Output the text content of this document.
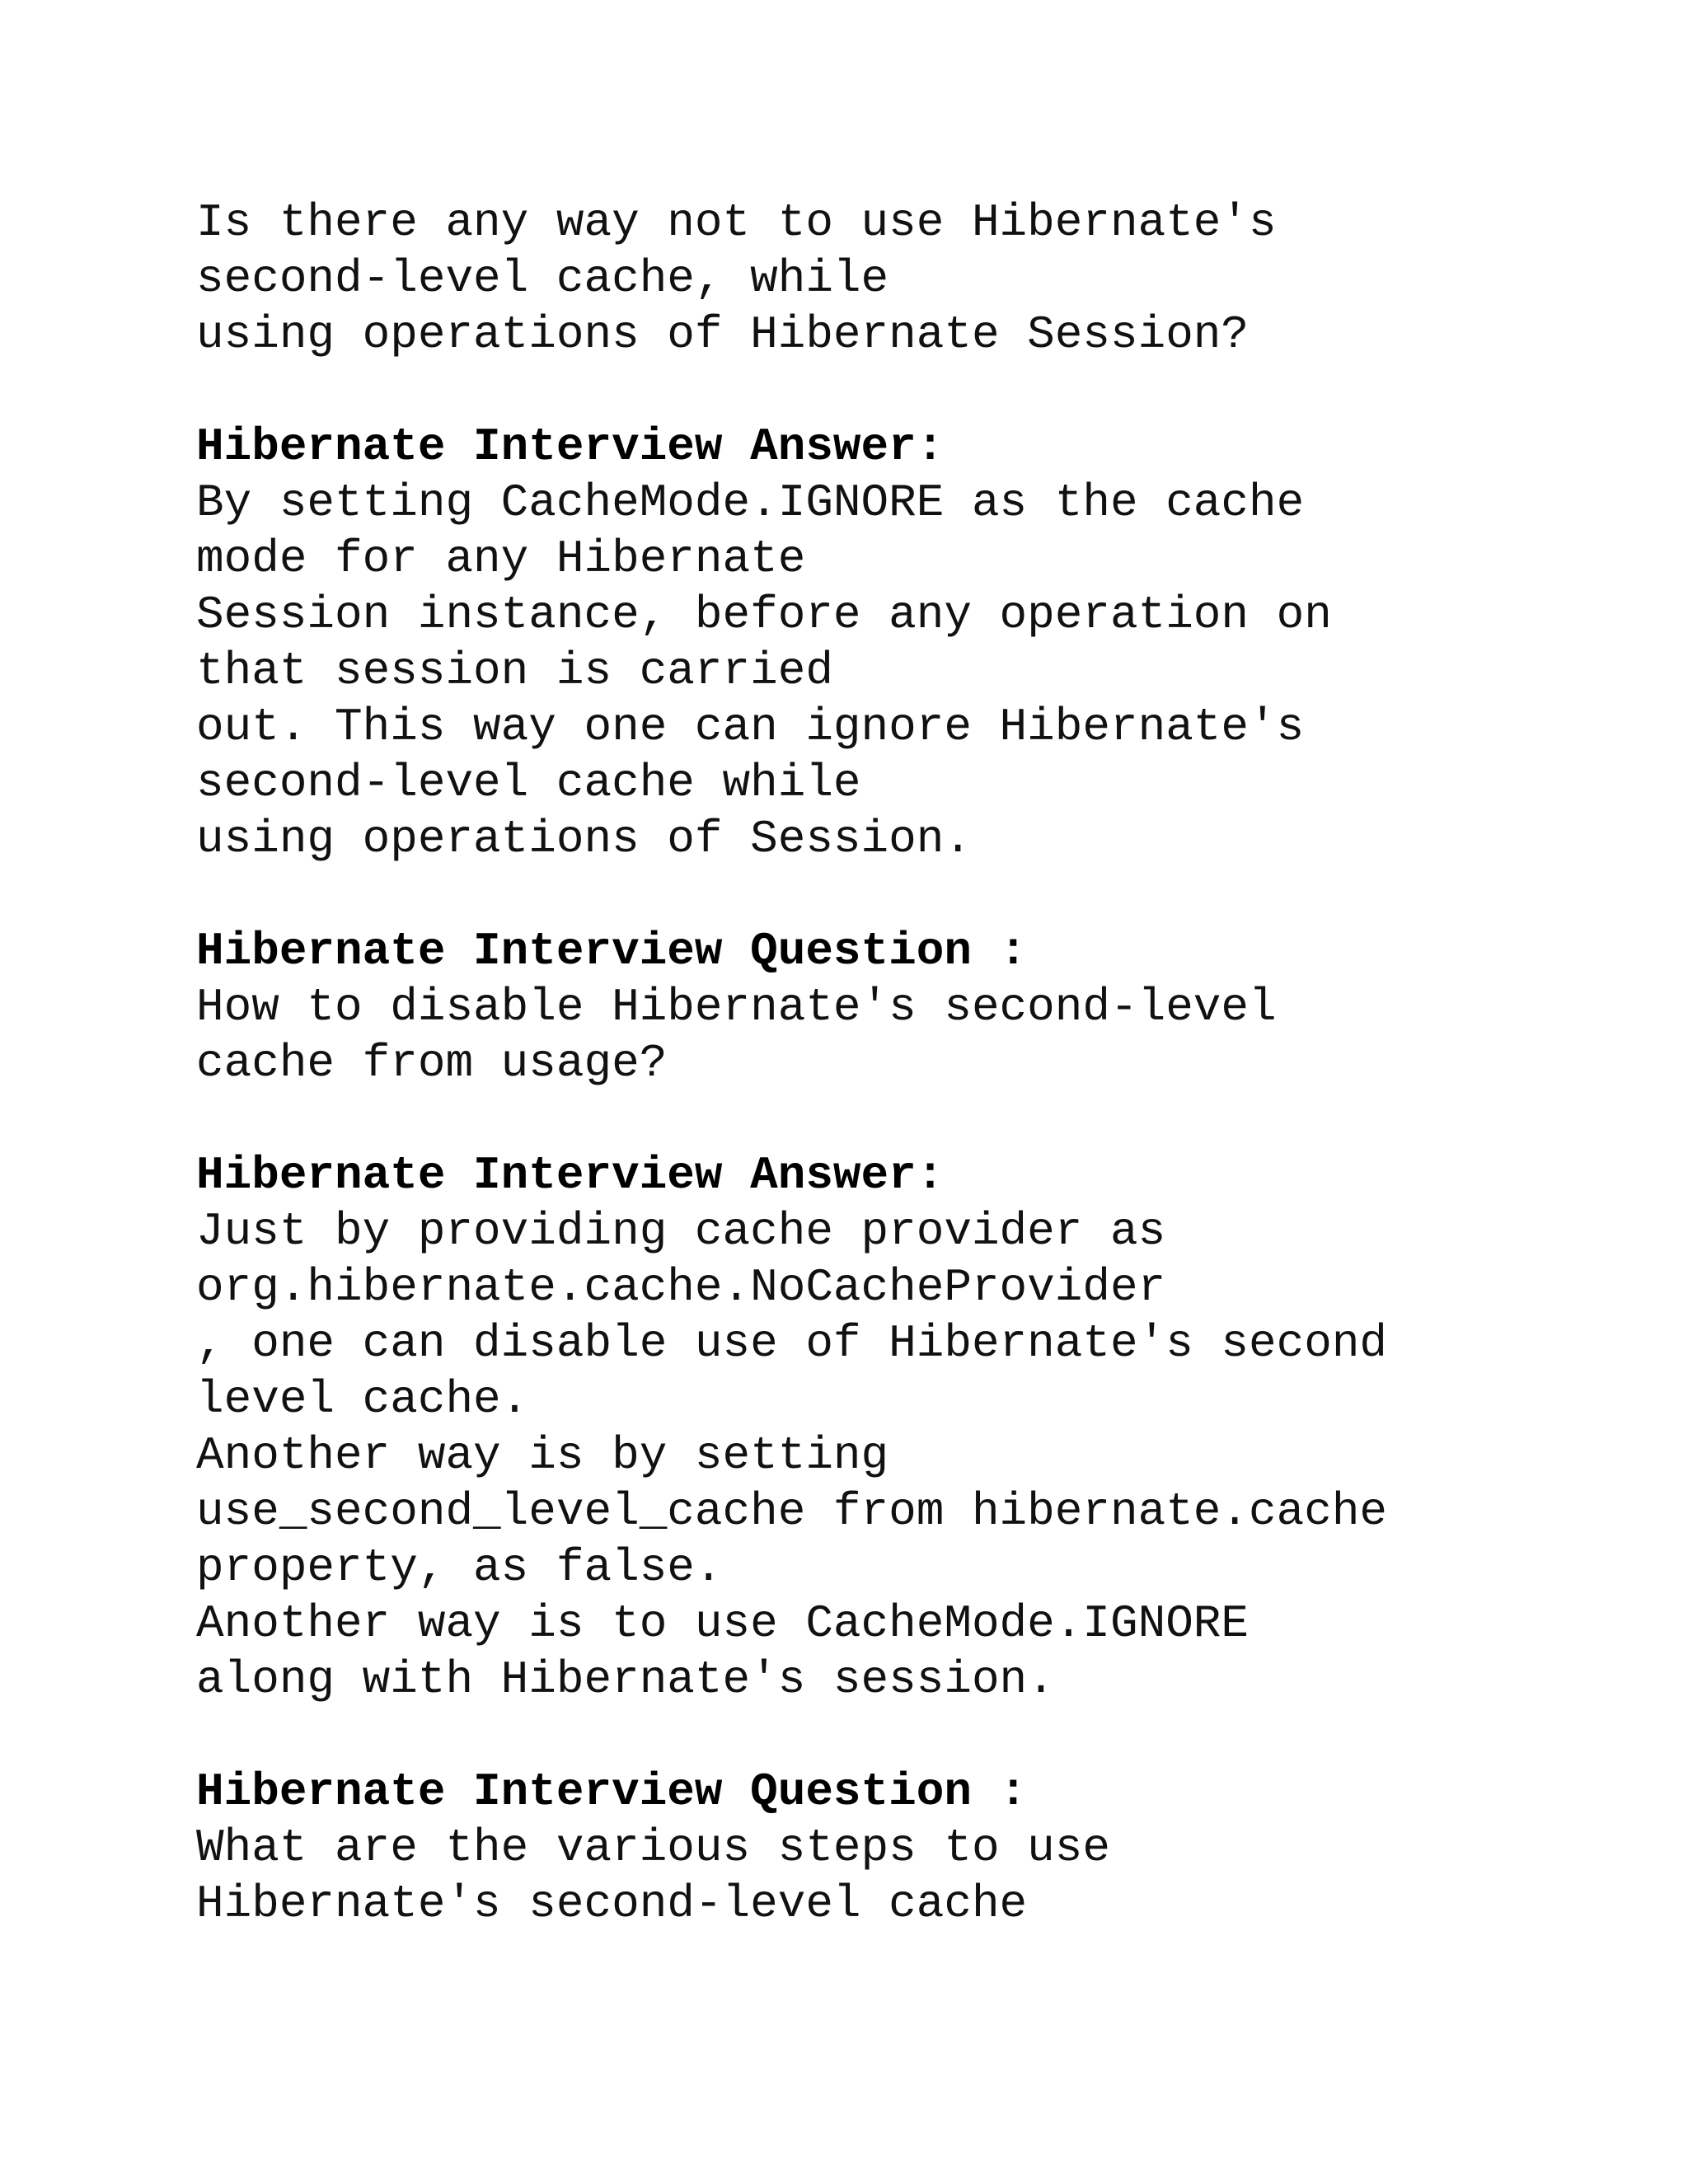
Is there any way not to use Hibernate's
second-level cache, while
using operations of Hibernate Session?
Hibernate Interview Answer:
By setting CacheMode.IGNORE as the cache
mode for any Hibernate
Session instance, before any operation on
that session is carried
out. This way one can ignore Hibernate's
second-level cache while
using operations of Session.
Hibernate Interview Question :
How to disable Hibernate's second-level
cache from usage?
Hibernate Interview Answer:
Just by providing cache provider as
org.hibernate.cache.NoCacheProvider
, one can disable use of Hibernate's second
level cache.
Another way is by setting
use_second_level_cache from hibernate.cache
property, as false.
Another way is to use CacheMode.IGNORE
along with Hibernate's session.
Hibernate Interview Question :
What are the various steps to use
Hibernate's second-level cache
